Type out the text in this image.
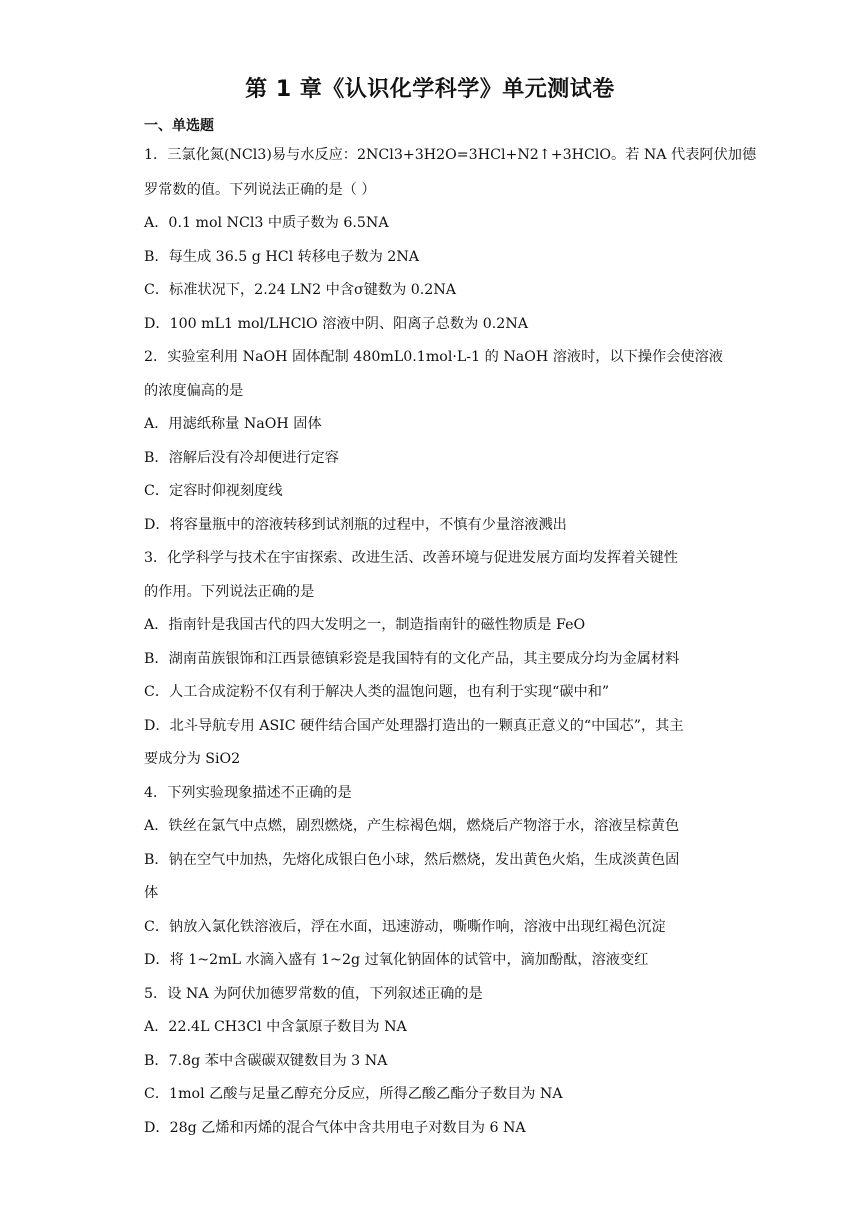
第 1 章《认识化学科学》单元测试卷
一、单选题
1．三氯化氮(NCl3)易与水反应：2NCl3+3H2O=3HCl+N2↑+3HClO。若 NA 代表阿伏加德
罗常数的值。下列说法正确的是（ ）
A．0.1 mol NCl3 中质子数为 6.5NA
B．每生成 36.5 g HCl 转移电子数为 2NA
C．标准状况下，2.24 LN2 中含σ键数为 0.2NA
D．100 mL1 mol/LHClO 溶液中阴、阳离子总数为 0.2NA
2．实验室利用 NaOH 固体配制 480mL0.1mol·L-1 的 NaOH 溶液时，以下操作会使溶液
的浓度偏高的是
A．用滤纸称量 NaOH 固体
B．溶解后没有冷却便进行定容
C．定容时仰视刻度线
D．将容量瓶中的溶液转移到试剂瓶的过程中，不慎有少量溶液溅出
3．化学科学与技术在宇宙探索、改进生活、改善环境与促进发展方面均发挥着关键性
的作用。下列说法正确的是
A．指南针是我国古代的四大发明之一，制造指南针的磁性物质是 FeO
B．湖南苗族银饰和江西景德镇彩瓷是我国特有的文化产品，其主要成分均为金属材料
C．人工合成淀粉不仅有利于解决人类的温饱问题，也有利于实现“碳中和”
D．北斗导航专用 ASIC 硬件结合国产处理器打造出的一颗真正意义的“中国芯”，其主
要成分为 SiO2
4．下列实验现象描述不正确的是
A．铁丝在氯气中点燃，剧烈燃烧，产生棕褐色烟，燃烧后产物溶于水，溶液呈棕黄色
B．钠在空气中加热，先熔化成银白色小球，然后燃烧，发出黄色火焰，生成淡黄色固
体
C．钠放入氯化铁溶液后，浮在水面，迅速游动，嘶嘶作响，溶液中出现红褐色沉淀
D．将 1~2mL 水滴入盛有 1~2g 过氧化钠固体的试管中，滴加酚酞，溶液变红
5．设 NA 为阿伏加德罗常数的值，下列叙述正确的是
A．22.4L CH3Cl 中含氯原子数目为 NA
B．7.8g 苯中含碳碳双键数目为 3 NA
C．1mol 乙酸与足量乙醇充分反应，所得乙酸乙酯分子数目为 NA
D．28g 乙烯和丙烯的混合气体中含共用电子对数目为 6 NA
